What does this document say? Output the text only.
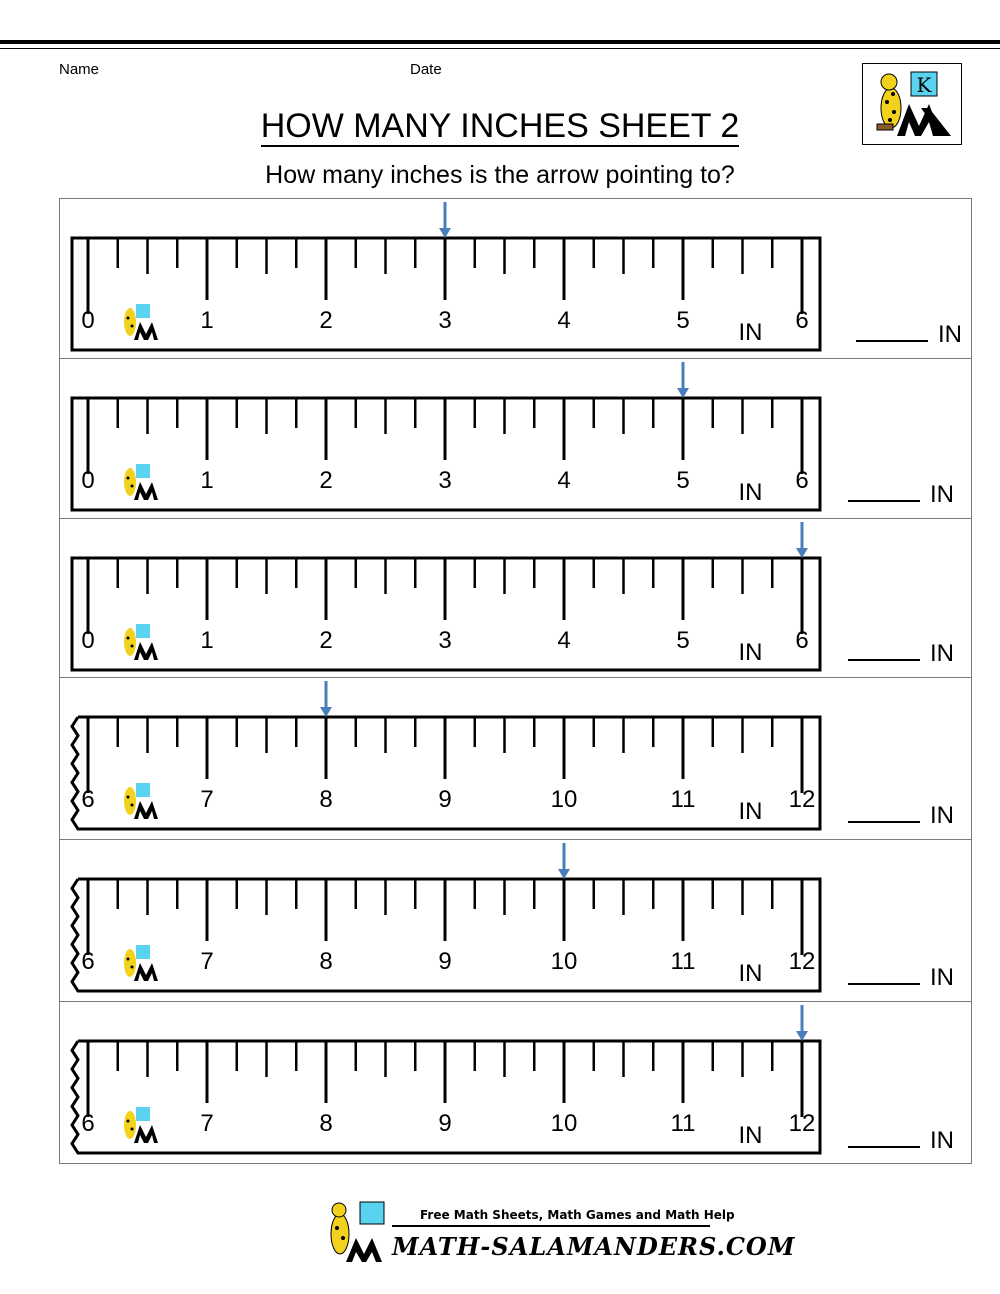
Name	Date
HOW MANY INCHES SHEET 2
How many inches is the arrow pointing to?
K
0	1	2	3	4	5	6
IN	IN
0	1	2	3	4	5	6
IN	IN
0	1	2	3	4	5	6
IN	IN
6	7	8	9	10	11	12
IN	IN
6	7	8	9	10	11	12
IN	IN
6	7	8	9	10	11	12
IN	IN
Free Math Sheets, Math Games and Math Help
MATH-SALAMANDERS.COM
